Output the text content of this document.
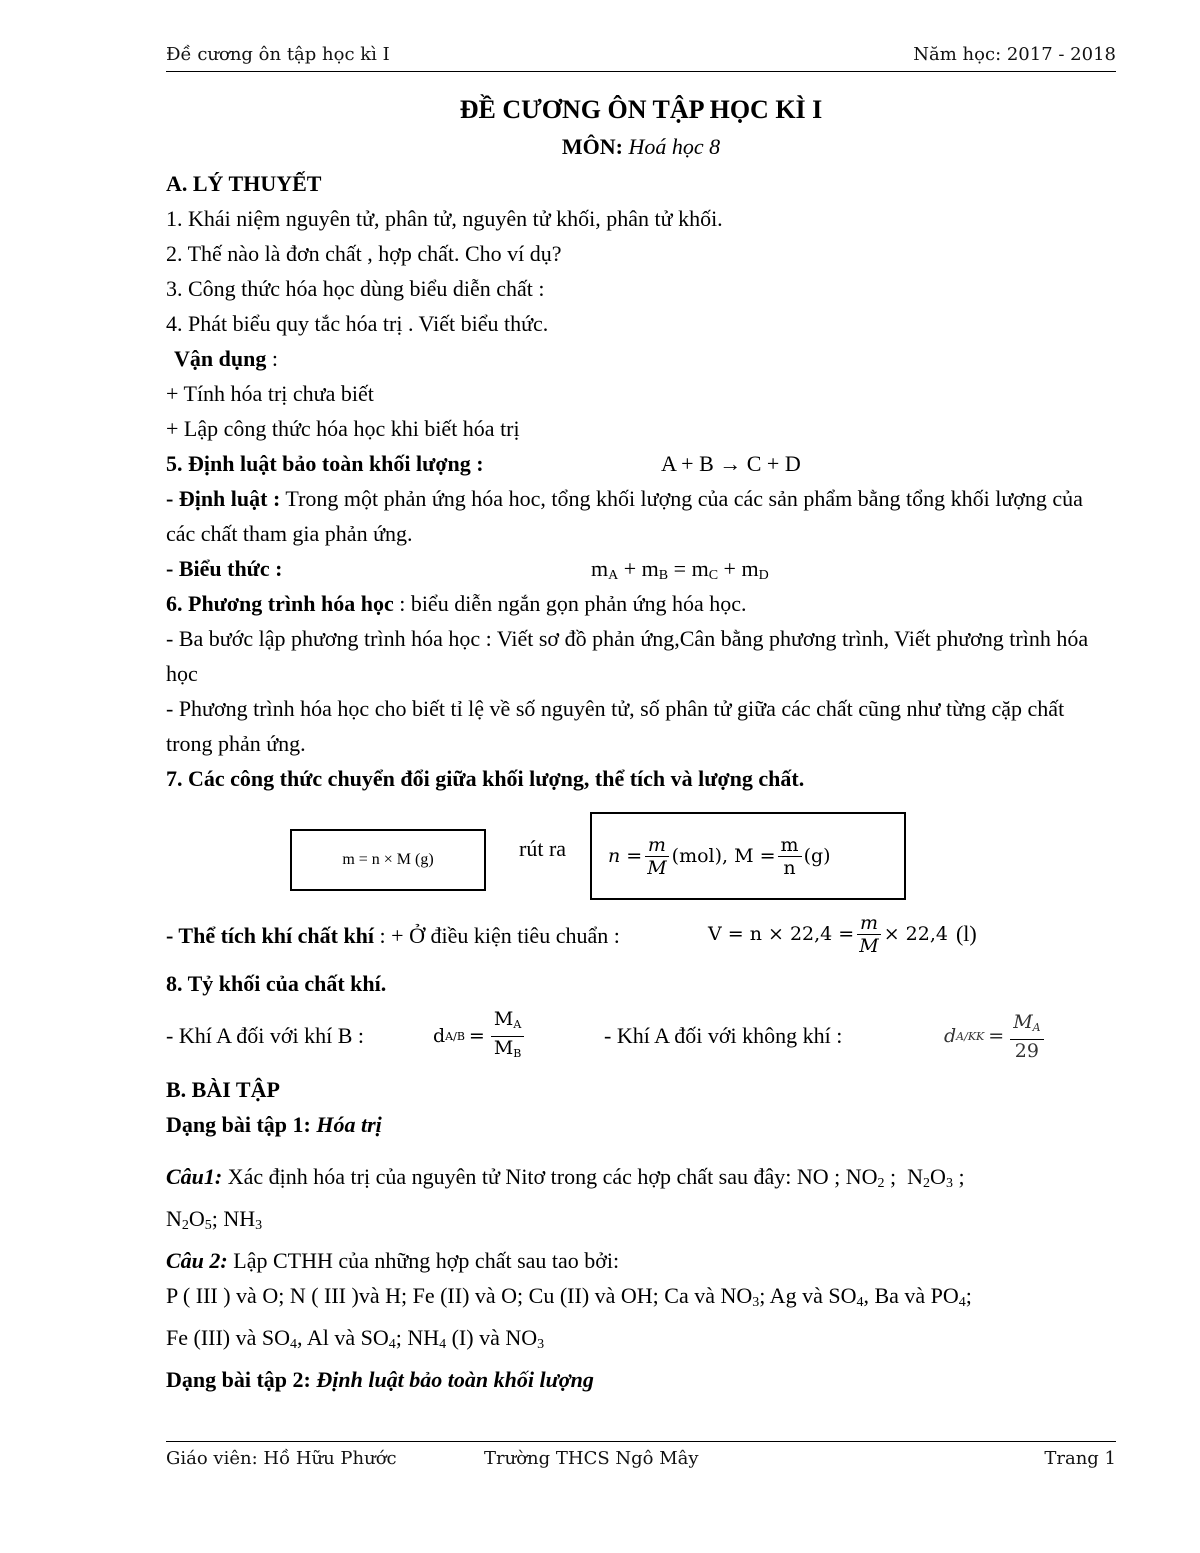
Đề cương ôn tập học kì I	Năm học: 2017 - 2018
ĐỀ CƯƠNG ÔN TẬP HỌC KÌ I
MÔN: Hoá học 8
A. LÝ THUYẾT
1. Khái niệm nguyên tử, phân tử, nguyên tử khối, phân tử khối.
2. Thế nào là đơn chất , hợp chất. Cho ví dụ?
3. Công thức hóa học dùng biểu diễn chất :
4. Phát biểu quy tắc hóa trị . Viết biểu thức.
Vận dụng :
+ Tính hóa trị chưa biết
+ Lập công thức hóa học khi biết hóa trị
5. Định luật bảo toàn khối lượng :	A + B → C + D
- Định luật : Trong một phản ứng hóa hoc, tổng khối lượng của các sản phẩm bằng tổng khối lượng của các chất tham gia phản ứng.
- Biểu thức :	$m_A + m_B = m_C + m_D$
6. Phương trình hóa học : biểu diễn ngắn gọn phản ứng hóa học.
- Ba bước lập phương trình hóa học : Viết sơ đồ phản ứng,Cân bằng phương trình, Viết phương trình hóa học
- Phương trình hóa học cho biết tỉ lệ về số nguyên tử, số phân tử giữa các chất cũng như từng cặp chất trong phản ứng.
7. Các công thức chuyển đổi giữa khối lượng, thể tích và lượng chất.
m = n × M (g)	rút ra $n = \frac{m}{M} (mol)$, $M = \frac{m}{n} (g)$
- Thể tích khí chất khí : + Ở điều kiện tiêu chuẩn :	$V = n \times 22,4 = \frac{m}{M} \times 22,4$ (l)
8. Tỷ khối của chất khí.
- Khí A đối với khí B :	d $A/B = \frac{M_A}{M_B}$	- Khí A đối với không khí :	d $A/KK = \frac{M_A}{29}$
B. BÀI TẬP
Dạng bài tập 1: Hóa trị
Câu1: Xác định hóa trị của nguyên tử Nitơ trong các hợp chất sau đây: NO ; $NO_2$ ;  $N_2O_3$ ;
$N_2O_5$; $NH_3$
Câu 2: Lập CTHH của những hợp chất sau tao bởi:
P ( III ) và O; N ( III )và H; Fe (II) và O; Cu (II) và OH; Ca và $NO_3$; Ag và $SO_4$, Ba và $PO_4$;
Fe (III) và $SO_4$, Al và $SO_4$; $NH_4$ (I) và $NO_3$
Dạng bài tập 2: Định luật bảo toàn khối lượng
Giáo viên: Hồ Hữu Phước	Trường THCS Ngô Mây	Trang 1
